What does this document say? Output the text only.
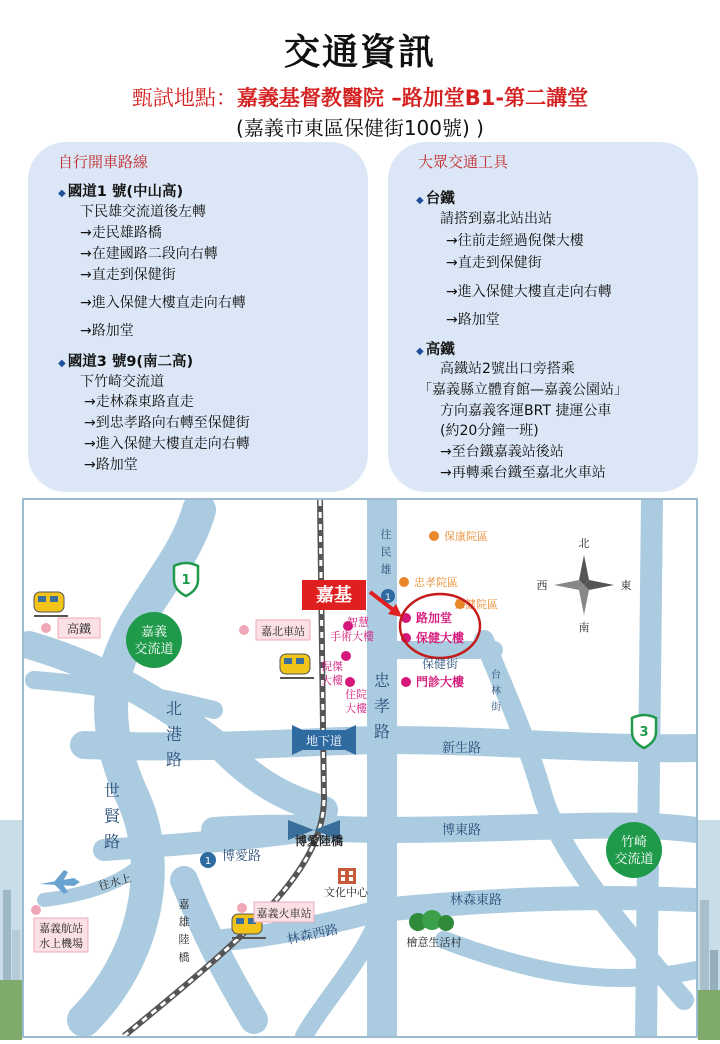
交通資訊
甄試地點：嘉義基督教醫院 –路加堂B1-第二講堂
(嘉義市東區保健街100號) )
自行開車路線
◆ 國道1 號(中山高)
下民雄交流道後左轉
→走民雄路橋
→在建國路二段向右轉
→直走到保健街
→進入保健大樓直走向右轉
→路加堂
◆ 國道3 號9(南二高)
下竹崎交流道
→走林森東路直走
→到忠孝路向右轉至保健街
→進入保健大樓直走向右轉
→路加堂
大眾交通工具
◆ 台鐵
請搭到嘉北站出站
→往前走經過倪傑大樓
→直走到保健街
→進入保健大樓直走向右轉
→路加堂
◆ 高鐵
高鐵站2號出口旁搭乘
「嘉義縣立體育館—嘉義公園站」
方向嘉義客運BRT 捷運公車
(約20分鐘一班)
→至台鐵嘉義站後站
→再轉乘台鐵至嘉北火車站
地下道
博愛陸橋
嘉義
交流道
竹崎
交流道
1
3
1
1
北
南
西	東
高鐵	嘉北車站
嘉義火車站
嘉義航站
水上機場
保康院區
忠孝院區
保健院區
路加堂
保健大樓
門診大樓
智慧
手術大樓
倪傑
大樓
住院
大樓
嘉基
新生路
博東路
博愛路
林森西路
林森東路
保健街
文化中心
檜意生活村
往水上
忠孝路
北港路
世賢路
往民雄
台林街
嘉雄陸橋
